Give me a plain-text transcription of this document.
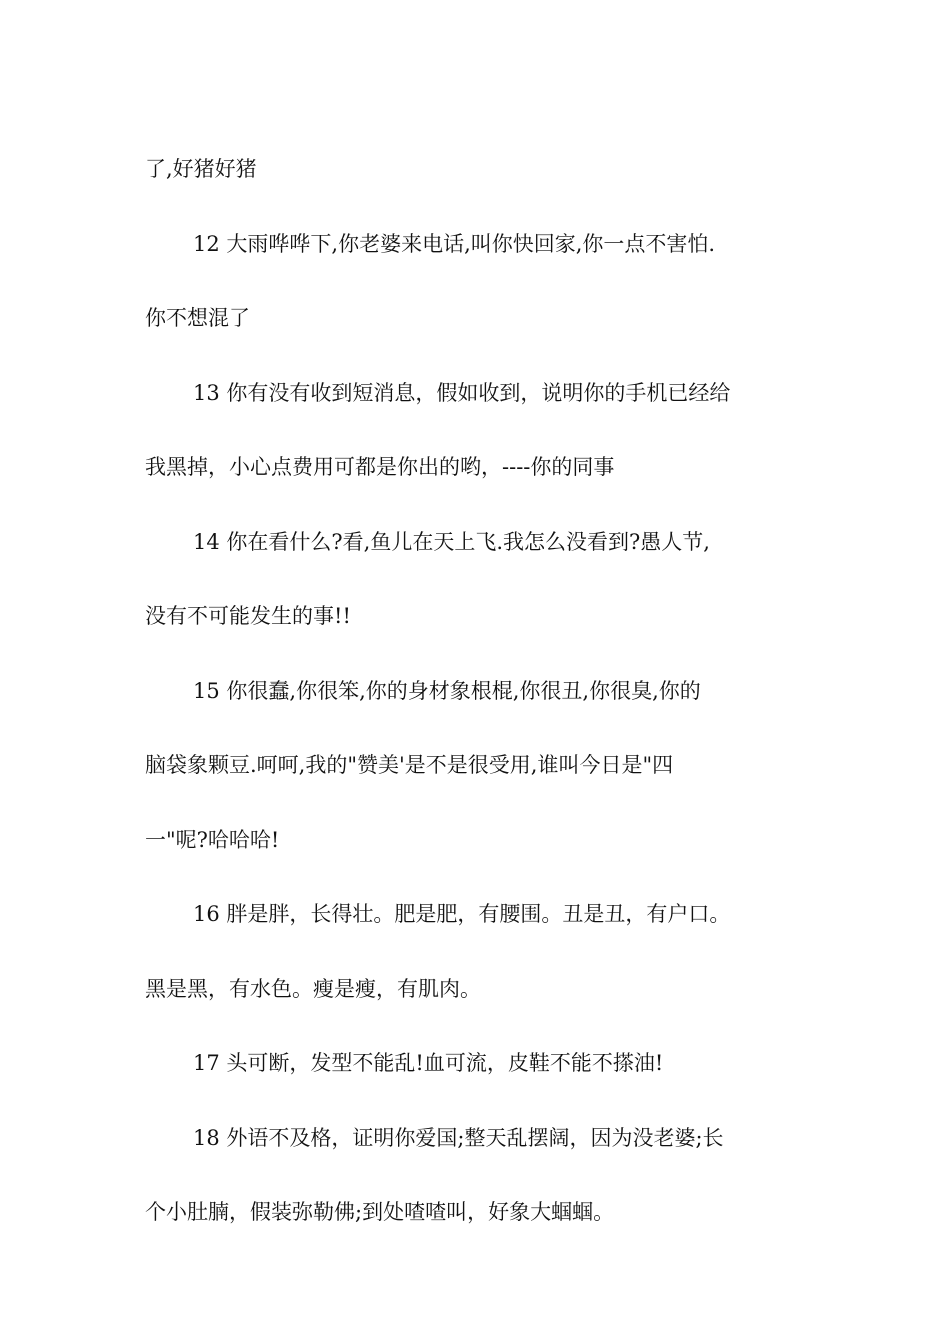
了,好猪好猪
12 大雨哗哗下,你老婆来电话,叫你快回家,你一点不害怕.
你不想混了
13 你有没有收到短消息，假如收到，说明你的手机已经给
我黑掉，小心点费用可都是你出的哟，----你的同事
14 你在看什么?看,鱼儿在天上飞.我怎么没看到?愚人节,
没有不可能发生的事!!
15 你很蠢,你很笨,你的身材象根棍,你很丑,你很臭,你的
脑袋象颗豆.呵呵,我的"赞美'是不是很受用,谁叫今日是"四
一"呢?哈哈哈!
16 胖是胖，长得壮。肥是肥，有腰围。丑是丑，有户口。
黑是黑，有水色。瘦是瘦，有肌肉。
17 头可断，发型不能乱!血可流，皮鞋不能不搽油!
18 外语不及格，证明你爱国;整天乱摆阔，因为没老婆;长
个小肚腩，假装弥勒佛;到处喳喳叫，好象大蝈蝈。
